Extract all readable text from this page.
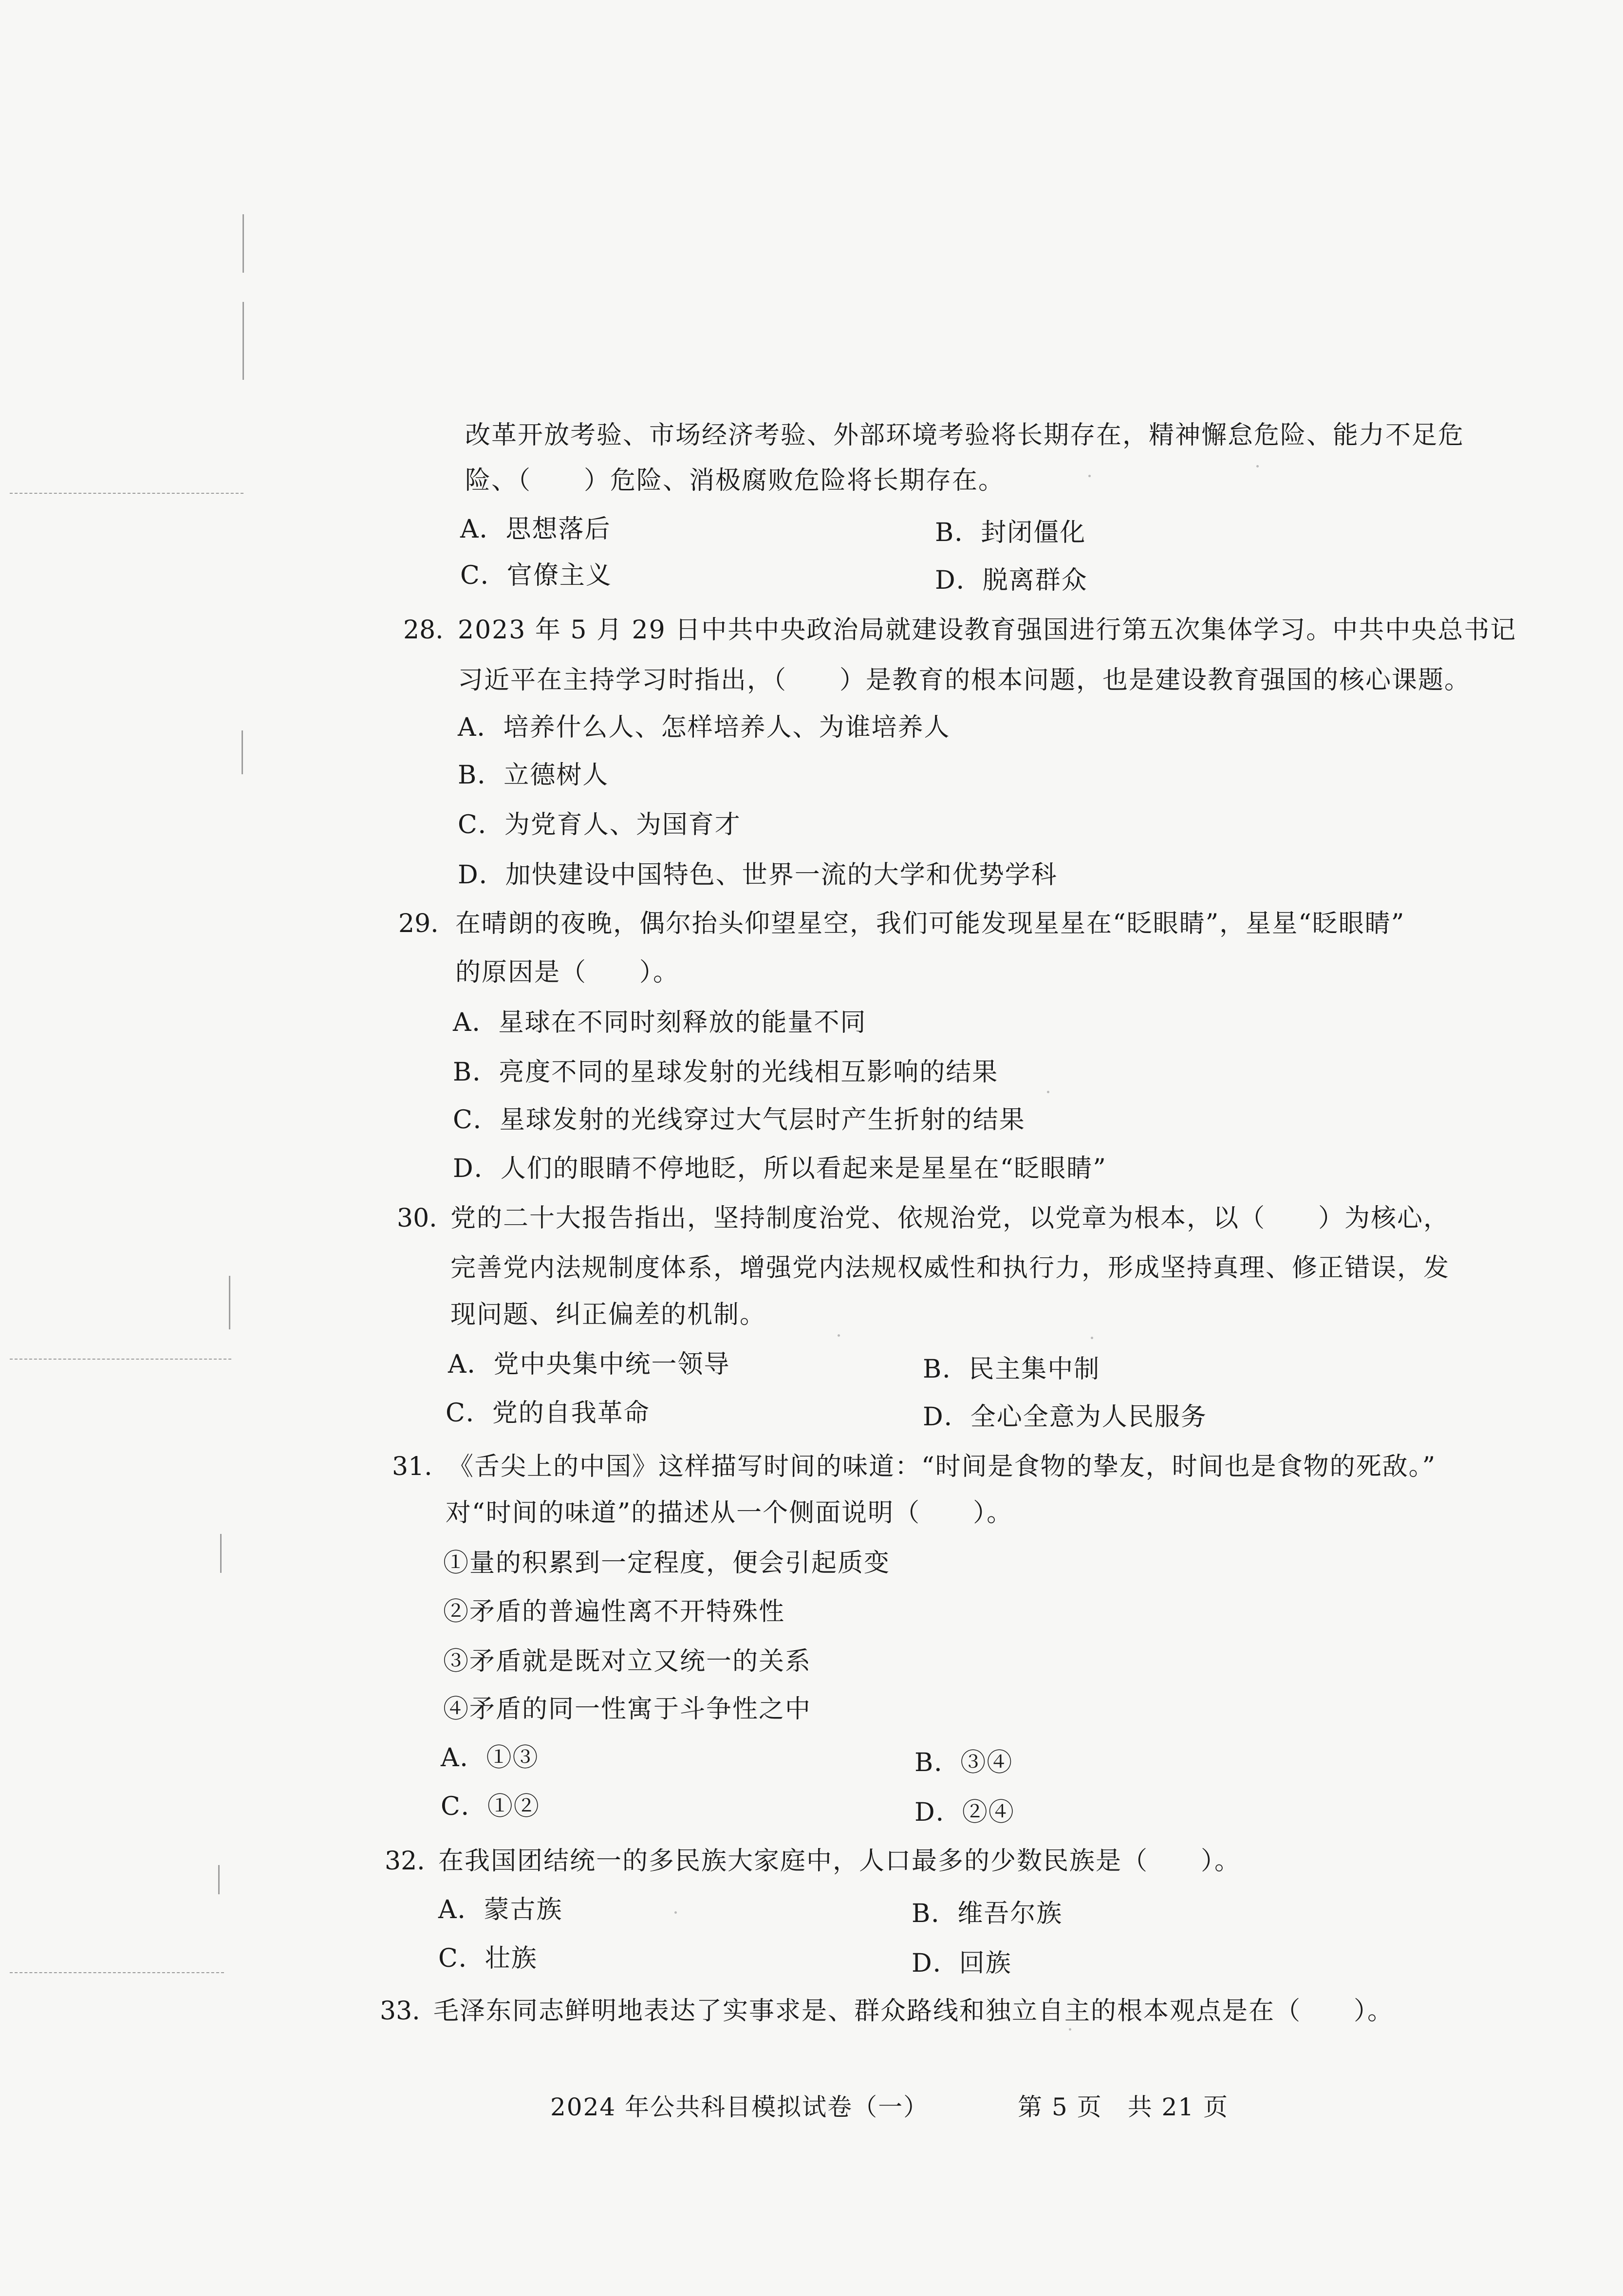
改革开放考验、市场经济考验、外部环境考验将长期存在，精神懈怠危险、能力不足危
险、（　　）危险、消极腐败危险将长期存在。
A．思想落后	B．封闭僵化
C．官僚主义	D．脱离群众
28. 2023 年 5 月 29 日中共中央政治局就建设教育强国进行第五次集体学习。中共中央总书记
习近平在主持学习时指出，（　　）是教育的根本问题，也是建设教育强国的核心课题。
A．培养什么人、怎样培养人、为谁培养人
B．立德树人
C．为党育人、为国育才
D．加快建设中国特色、世界一流的大学和优势学科
29. 在晴朗的夜晚，偶尔抬头仰望星空，我们可能发现星星在“眨眼睛”，星星“眨眼睛”
的原因是（　　）。
A．星球在不同时刻释放的能量不同
B．亮度不同的星球发射的光线相互影响的结果
C．星球发射的光线穿过大气层时产生折射的结果
D．人们的眼睛不停地眨，所以看起来是星星在“眨眼睛”
30. 党的二十大报告指出，坚持制度治党、依规治党，以党章为根本，以（　　）为核心，
完善党内法规制度体系，增强党内法规权威性和执行力，形成坚持真理、修正错误，发
现问题、纠正偏差的机制。
A．党中央集中统一领导	B．民主集中制
C．党的自我革命	D．全心全意为人民服务
31. 《舌尖上的中国》这样描写时间的味道：“时间是食物的挚友，时间也是食物的死敌。”
对“时间的味道”的描述从一个侧面说明（　　）。
①量的积累到一定程度，便会引起质变
②矛盾的普遍性离不开特殊性
③矛盾就是既对立又统一的关系
④矛盾的同一性寓于斗争性之中
A．①③	B．③④
C．①②	D．②④
32. 在我国团结统一的多民族大家庭中，人口最多的少数民族是（　　）。
A．蒙古族	B．维吾尔族
C．壮族	D．回族
33. 毛泽东同志鲜明地表达了实事求是、群众路线和独立自主的根本观点是在（　　）。
2024 年公共科目模拟试卷（一）	第 5 页　共 21 页
